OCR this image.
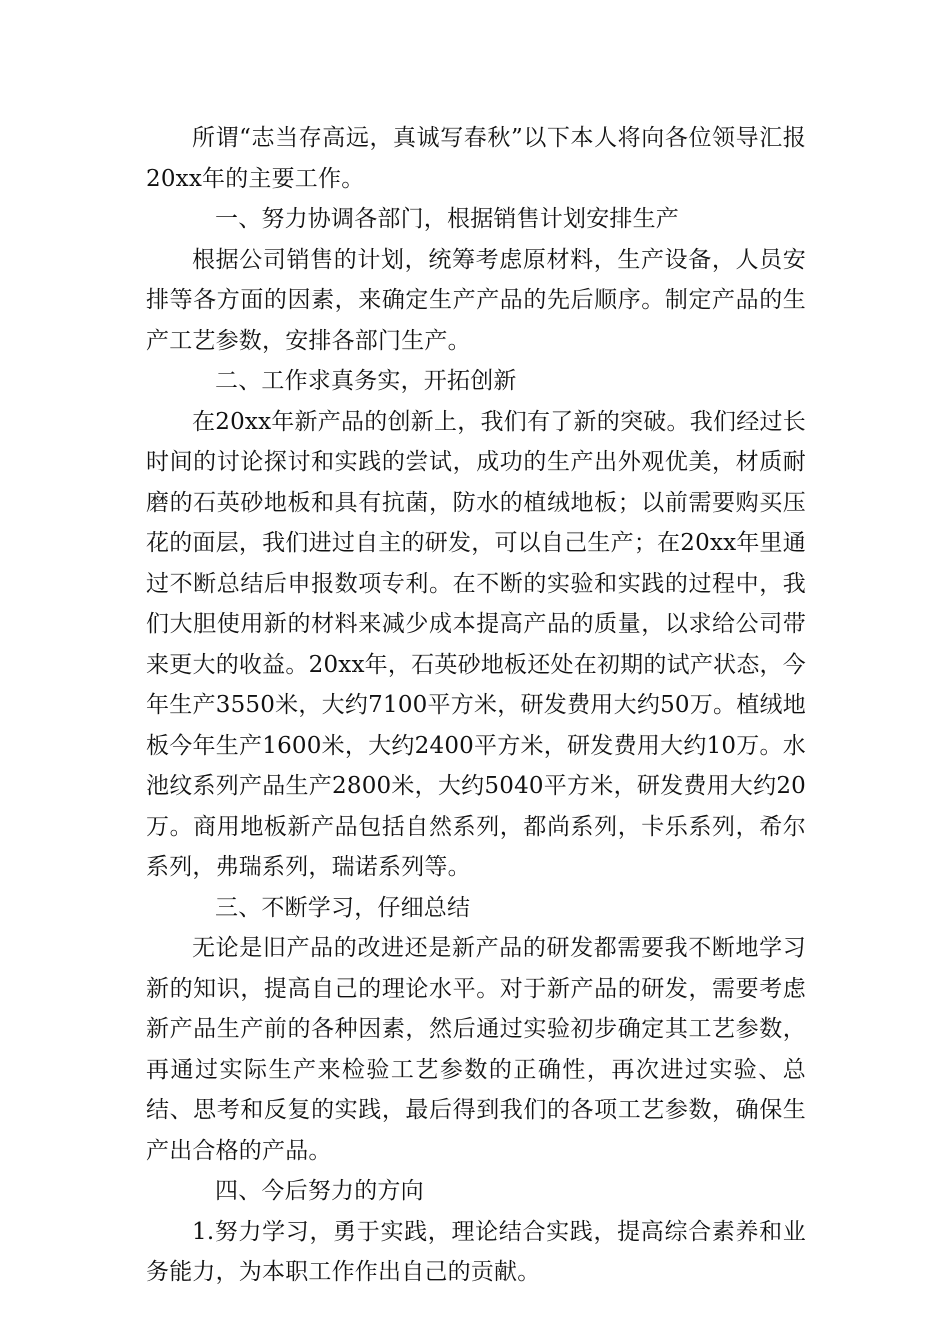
所谓“志当存高远，真诚写春秋”以下本人将向各位领导汇报20xx年的主要工作。

一、努力协调各部门，根据销售计划安排生产

根据公司销售的计划，统筹考虑原材料，生产设备，人员安排等各方面的因素，来确定生产产品的先后顺序。制定产品的生产工艺参数，安排各部门生产。

二、工作求真务实，开拓创新

在20xx年新产品的创新上，我们有了新的突破。我们经过长时间的讨论探讨和实践的尝试，成功的生产出外观优美，材质耐磨的石英砂地板和具有抗菌，防水的植绒地板；以前需要购买压花的面层，我们进过自主的研发，可以自己生产；在20xx年里通过不断总结后申报数项专利。在不断的实验和实践的过程中，我们大胆使用新的材料来减少成本提高产品的质量，以求给公司带来更大的收益。20xx年，石英砂地板还处在初期的试产状态，今年生产3550米，大约7100平方米，研发费用大约50万。植绒地板今年生产1600米，大约2400平方米，研发费用大约10万。水池纹系列产品生产2800米，大约5040平方米，研发费用大约20万。商用地板新产品包括自然系列，都尚系列，卡乐系列，希尔系列，弗瑞系列，瑞诺系列等。

三、不断学习，仔细总结

无论是旧产品的改进还是新产品的研发都需要我不断地学习新的知识，提高自己的理论水平。对于新产品的研发，需要考虑新产品生产前的各种因素，然后通过实验初步确定其工艺参数，再通过实际生产来检验工艺参数的正确性，再次进过实验、总结、思考和反复的实践，最后得到我们的各项工艺参数，确保生产出合格的产品。

四、今后努力的方向

1.努力学习，勇于实践，理论结合实践，提高综合素养和业务能力，为本职工作作出自己的贡献。
